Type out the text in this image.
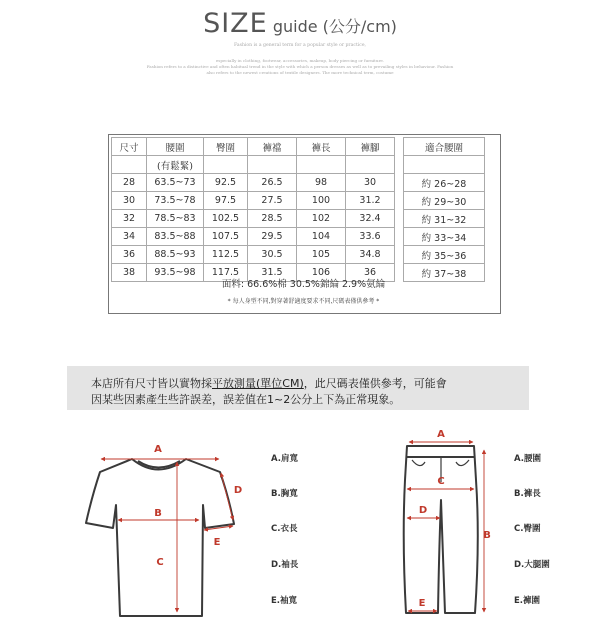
SIZE guide (公分/cm)
Fashion is a general term for a popular style or practice,
especially in clothing, footwear, accessories, makeup, body piercing or furniture.
Fashion refers to a distinctive and often habitual trend in the style with which a person dresses as well as to prevailing styles in behaviour. Fashion
also refers to the newest creations of textile designers. The more technical term, costume
尺寸	腰圍	臀圍	褲襠	褲長	褲腳		適合腰圍
	(有鬆緊)						
28	63.5~73	92.5	26.5	98	30		約 26~28
30	73.5~78	97.5	27.5	100	31.2		約 29~30
32	78.5~83	102.5	28.5	102	32.4		約 31~32
34	83.5~88	107.5	29.5	104	33.6		約 33~34
36	88.5~93	112.5	30.5	105	34.8		約 35~36
38	93.5~98	117.5	31.5	106	36		約 37~38
面料: 66.6%棉 30.5%錦綸 2.9%氨綸
* 每人身型不同,對穿著舒適度要求不同,尺碼表僅供參考 *

本店所有尺寸皆以實物採平放測量(單位CM)，此尺碼表僅供參考，可能會

因某些因素產生些許誤差，誤差值在1~2公分上下為正常現象。

A
B
C
D
E
A
B
C
D
E
A.肩寬
B.胸寬
C.衣長
D.袖長
E.袖寬
A.腰圍
B.褲長
C.臀圍
D.大腿圍
E.褲圍
